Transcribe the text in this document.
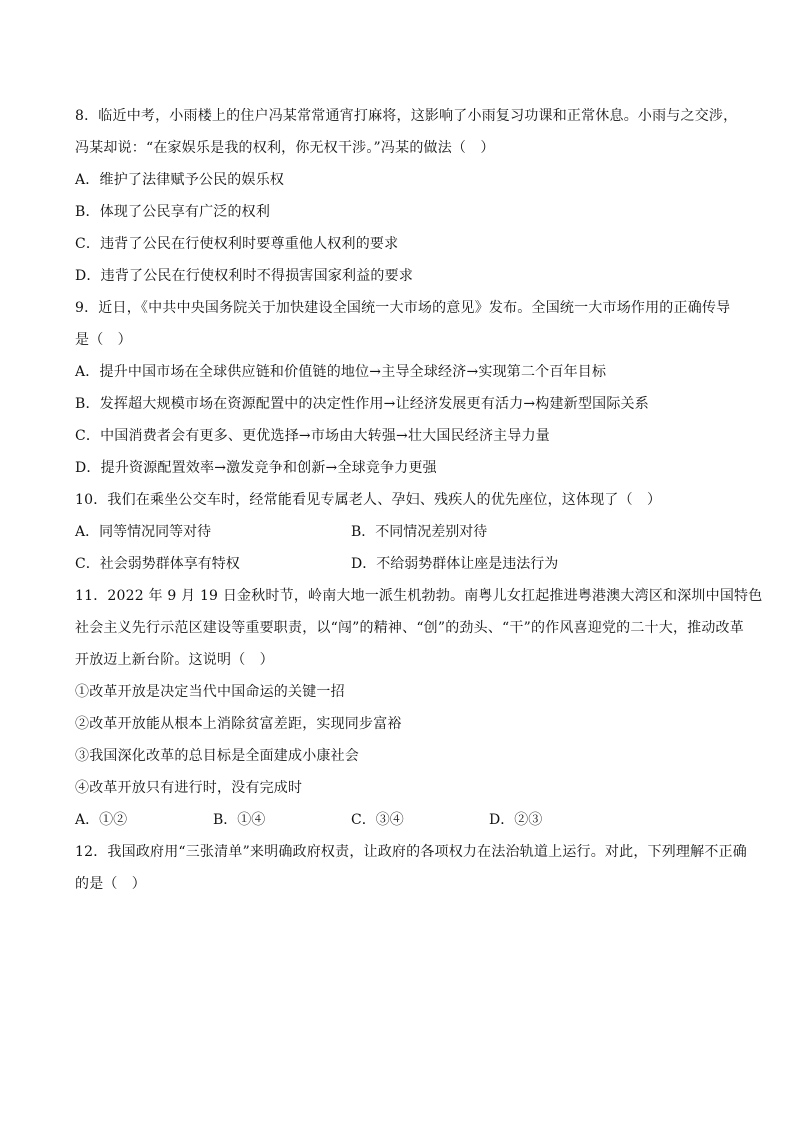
8．临近中考，小雨楼上的住户冯某常常通宵打麻将，这影响了小雨复习功课和正常休息。小雨与之交涉，
冯某却说：“在家娱乐是我的权利，你无权干涉。”冯某的做法（　）
A．维护了法律赋予公民的娱乐权
B．体现了公民享有广泛的权利
C．违背了公民在行使权利时要尊重他人权利的要求
D．违背了公民在行使权利时不得损害国家利益的要求
9．近日，《中共中央国务院关于加快建设全国统一大市场的意见》发布。全国统一大市场作用的正确传导
是（　）
A．提升中国市场在全球供应链和价值链的地位→主导全球经济→实现第二个百年目标
B．发挥超大规模市场在资源配置中的决定性作用→让经济发展更有活力→构建新型国际关系
C．中国消费者会有更多、更优选择→市场由大转强→壮大国民经济主导力量
D．提升资源配置效率→激发竞争和创新→全球竞争力更强
10．我们在乘坐公交车时，经常能看见专属老人、孕妇、残疾人的优先座位，这体现了（　）
A．同等情况同等对待	B．不同情况差别对待
C．社会弱势群体享有特权	D．不给弱势群体让座是违法行为
11．2022 年 9 月 19 日金秋时节，岭南大地一派生机勃勃。南粤儿女扛起推进粤港澳大湾区和深圳中国特色
社会主义先行示范区建设等重要职责，以“闯”的精神、“创”的劲头、“干”的作风喜迎党的二十大，推动改革
开放迈上新台阶。这说明（　）
①改革开放是决定当代中国命运的关键一招
②改革开放能从根本上消除贫富差距，实现同步富裕
③我国深化改革的总目标是全面建成小康社会
④改革开放只有进行时，没有完成时
A．①②	B．①④	C．③④	D．②③
12．我国政府用“三张清单”来明确政府权责，让政府的各项权力在法治轨道上运行。对此，下列理解不正确
的是（　）
